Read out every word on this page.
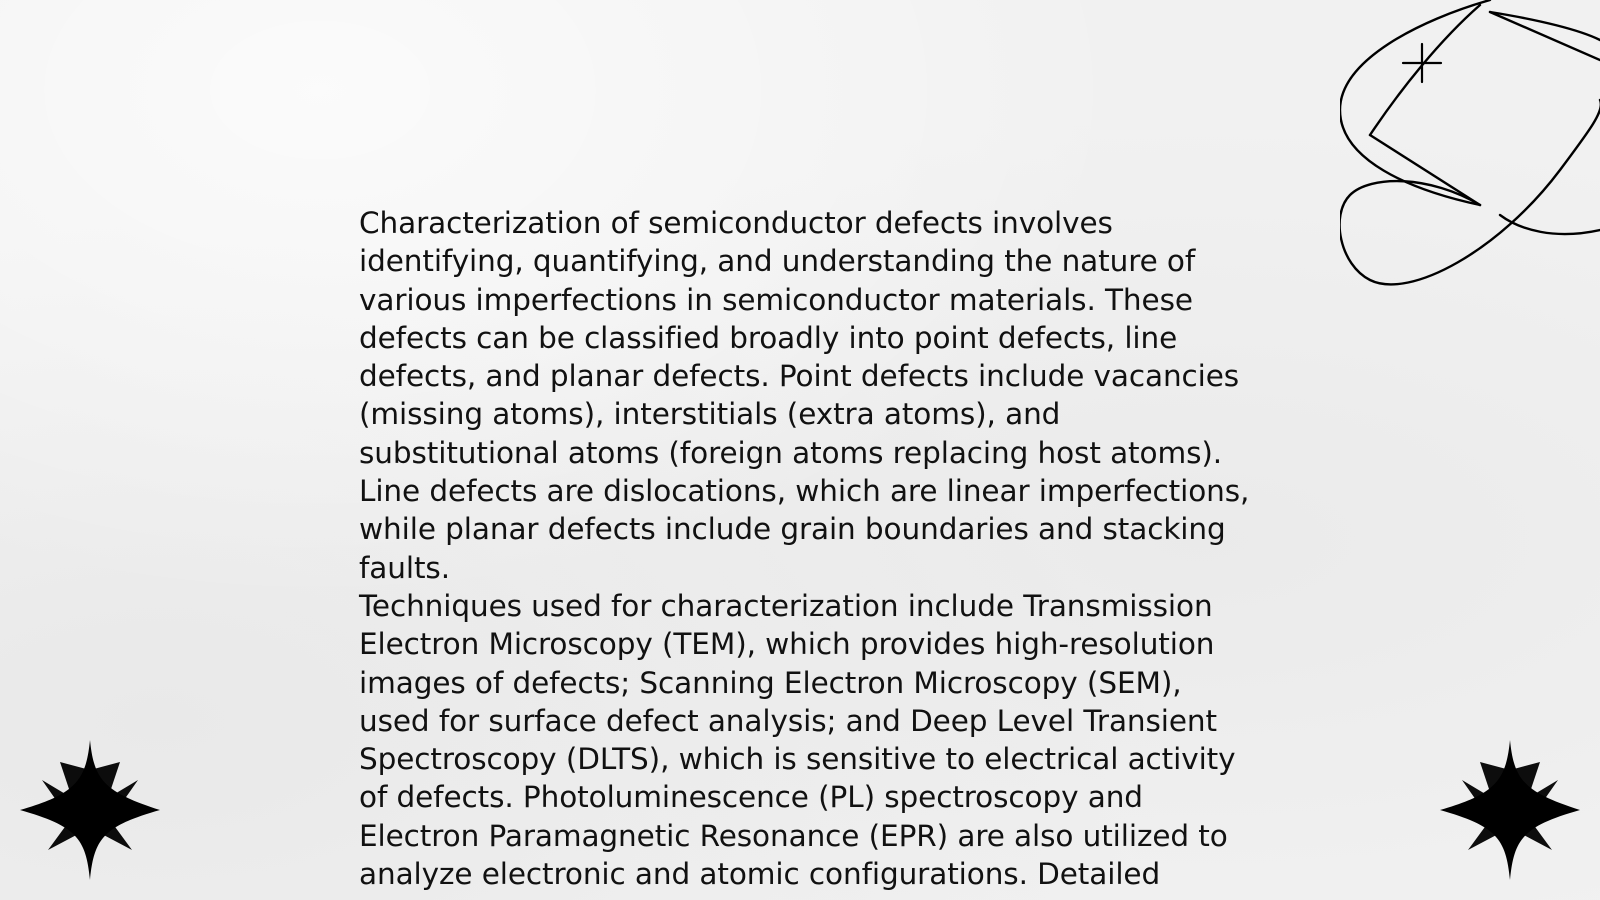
Characterization of semiconductor defects involves identifying, quantifying, and understanding the nature of various imperfections in semiconductor materials. These defects can be classified broadly into point defects, line defects, and planar defects. Point defects include vacancies (missing atoms), interstitials (extra atoms), and substitutional atoms (foreign atoms replacing host atoms). Line defects are dislocations, which are linear imperfections, while planar defects include grain boundaries and stacking faults.

Techniques used for characterization include Transmission Electron Microscopy (TEM), which provides high-resolution images of defects; Scanning Electron Microscopy (SEM), used for surface defect analysis; and Deep Level Transient Spectroscopy (DLTS), which is sensitive to electrical activity of defects. Photoluminescence (PL) spectroscopy and Electron Paramagnetic Resonance (EPR) are also utilized to analyze electronic and atomic configurations. Detailed
